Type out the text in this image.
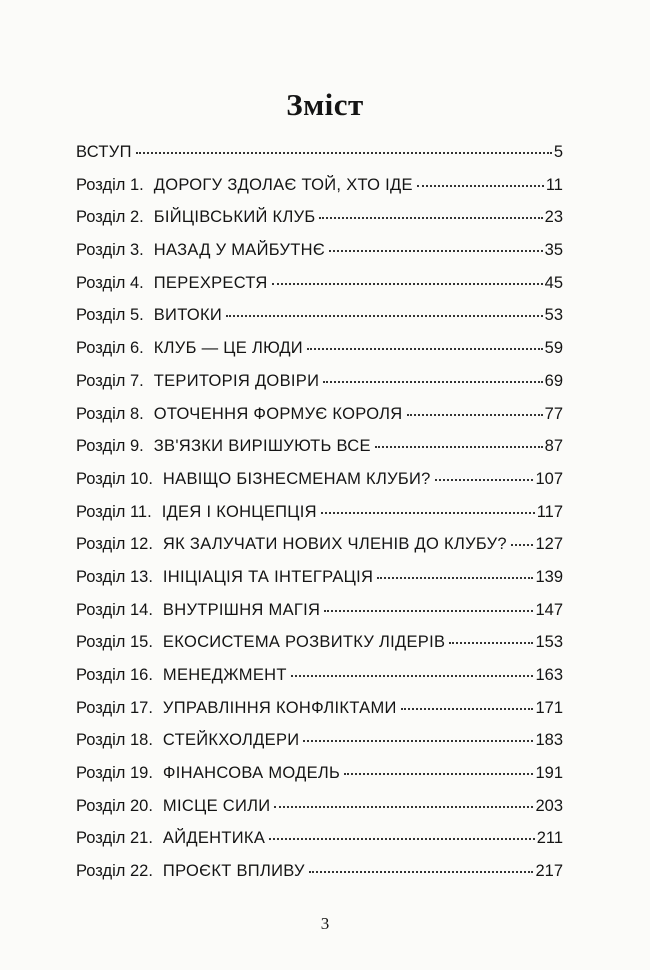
Зміст
ВСТУП	5
Розділ 1. ДОРОГУ ЗДОЛАЄ ТОЙ, ХТО ІДЕ	11
Розділ 2. БІЙЦІВСЬКИЙ КЛУБ	23
Розділ 3. НАЗАД У МАЙБУТНЄ	35
Розділ 4. ПЕРЕХРЕСТЯ	45
Розділ 5. ВИТОКИ	53
Розділ 6. КЛУБ — ЦЕ ЛЮДИ	59
Розділ 7. ТЕРИТОРІЯ ДОВІРИ	69
Розділ 8. ОТОЧЕННЯ ФОРМУЄ КОРОЛЯ	77
Розділ 9. ЗВ'ЯЗКИ ВИРІШУЮТЬ ВСЕ	87
Розділ 10. НАВІЩО БІЗНЕСМЕНАМ КЛУБИ?	107
Розділ 11. ІДЕЯ І КОНЦЕПЦІЯ	117
Розділ 12. ЯК ЗАЛУЧАТИ НОВИХ ЧЛЕНІВ ДО КЛУБУ? 127
Розділ 13. ІНІЦІАЦІЯ ТА ІНТЕГРАЦІЯ	139
Розділ 14. ВНУТРІШНЯ МАГІЯ	147
Розділ 15. ЕКОСИСТЕМА РОЗВИТКУ ЛІДЕРІВ	153
Розділ 16. МЕНЕДЖМЕНТ	163
Розділ 17. УПРАВЛІННЯ КОНФЛІКТАМИ	171
Розділ 18. СТЕЙКХОЛДЕРИ	183
Розділ 19. ФІНАНСОВА МОДЕЛЬ	191
Розділ 20. МІСЦЕ СИЛИ	203
Розділ 21. АЙДЕНТИКА	211
Розділ 22. ПРОЄКТ ВПЛИВУ	217
3
